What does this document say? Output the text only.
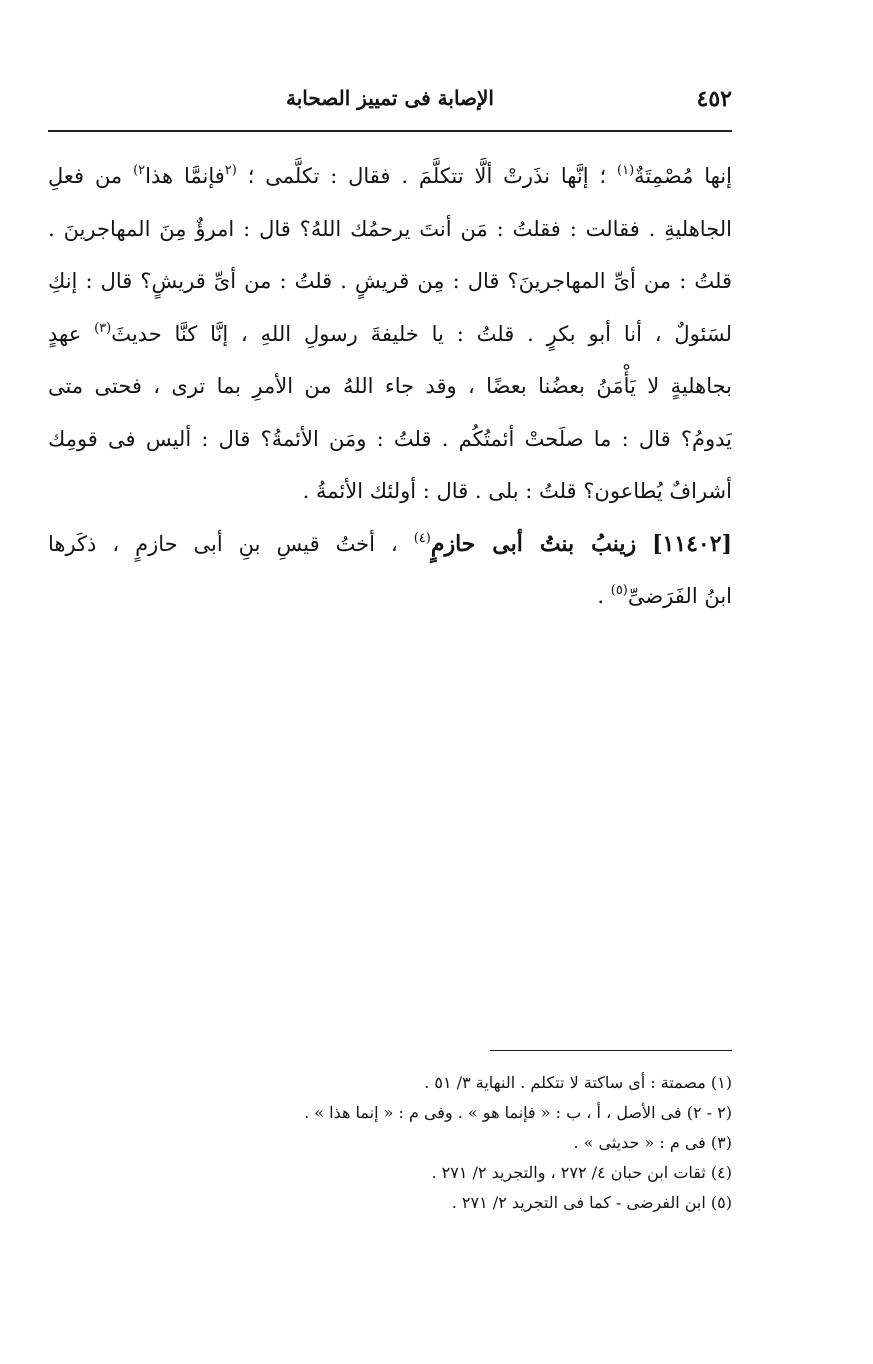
٤٥٢
الإصابة فى تمييز الصحابة
إنها مُصْمِتَةٌ$^{(١)}$ ؛ إنَّها نذَرتْ ألَّا تتكلَّمَ . فقال : تكلَّمى ؛ $^{(٢}$فإنمَّا هذا$^{٢)}$ من فعلِ
الجاهليةِ . فقالت : فقلتُ : مَن أنتَ يرحمُك اللهُ؟ قال : امرؤٌ مِنَ المهاجرينَ .
قلتُ : من أىِّ المهاجرينَ؟ قال : مِن قريشٍ . قلتُ : من أىِّ قريشٍ؟ قال : إنكِ
لسَئولٌ ، أنا أبو بكرٍ . قلتُ : يا خليفةَ رسولِ اللهِ ، إنَّا كنَّا حديثَ$^{(٣)}$ عهدٍ
بجاهليةٍ لا يَأْمَنُ بعضُنا بعضًا ، وقد جاء اللهُ من الأمرِ بما ترى ، فحتى متى
يَدومُ؟ قال : ما صلَحتْ أئمتُكُم . قلتُ : ومَن الأئمةُ؟ قال : أليس فى قومِك
أشرافٌ يُطاعون؟ قلتُ : بلى . قال : أولئك الأئمةُ .
[١١٤٠٢] زينبُ بنتُ أبى حازمٍ$^{(٤)}$ ، أختُ قيسِ بنِ أبى حازمٍ ، ذكَرها
ابنُ الفَرَضىِّ$^{(٥)}$ .
(١) مصمتة : أى ساكتة لا تتكلم . النهاية ٣/ ٥١ .
(٢ - ٢) فى الأصل ، أ ، ب : « فإنما هو » . وفى م : « إنما هذا » .
(٣) فى م : « حديثى » .
(٤) ثقات ابن حبان ٤/ ٢٧٢ ، والتجريد ٢/ ٢٧١ .
(٥) ابن الفرضى - كما فى التجريد ٢/ ٢٧١ .
